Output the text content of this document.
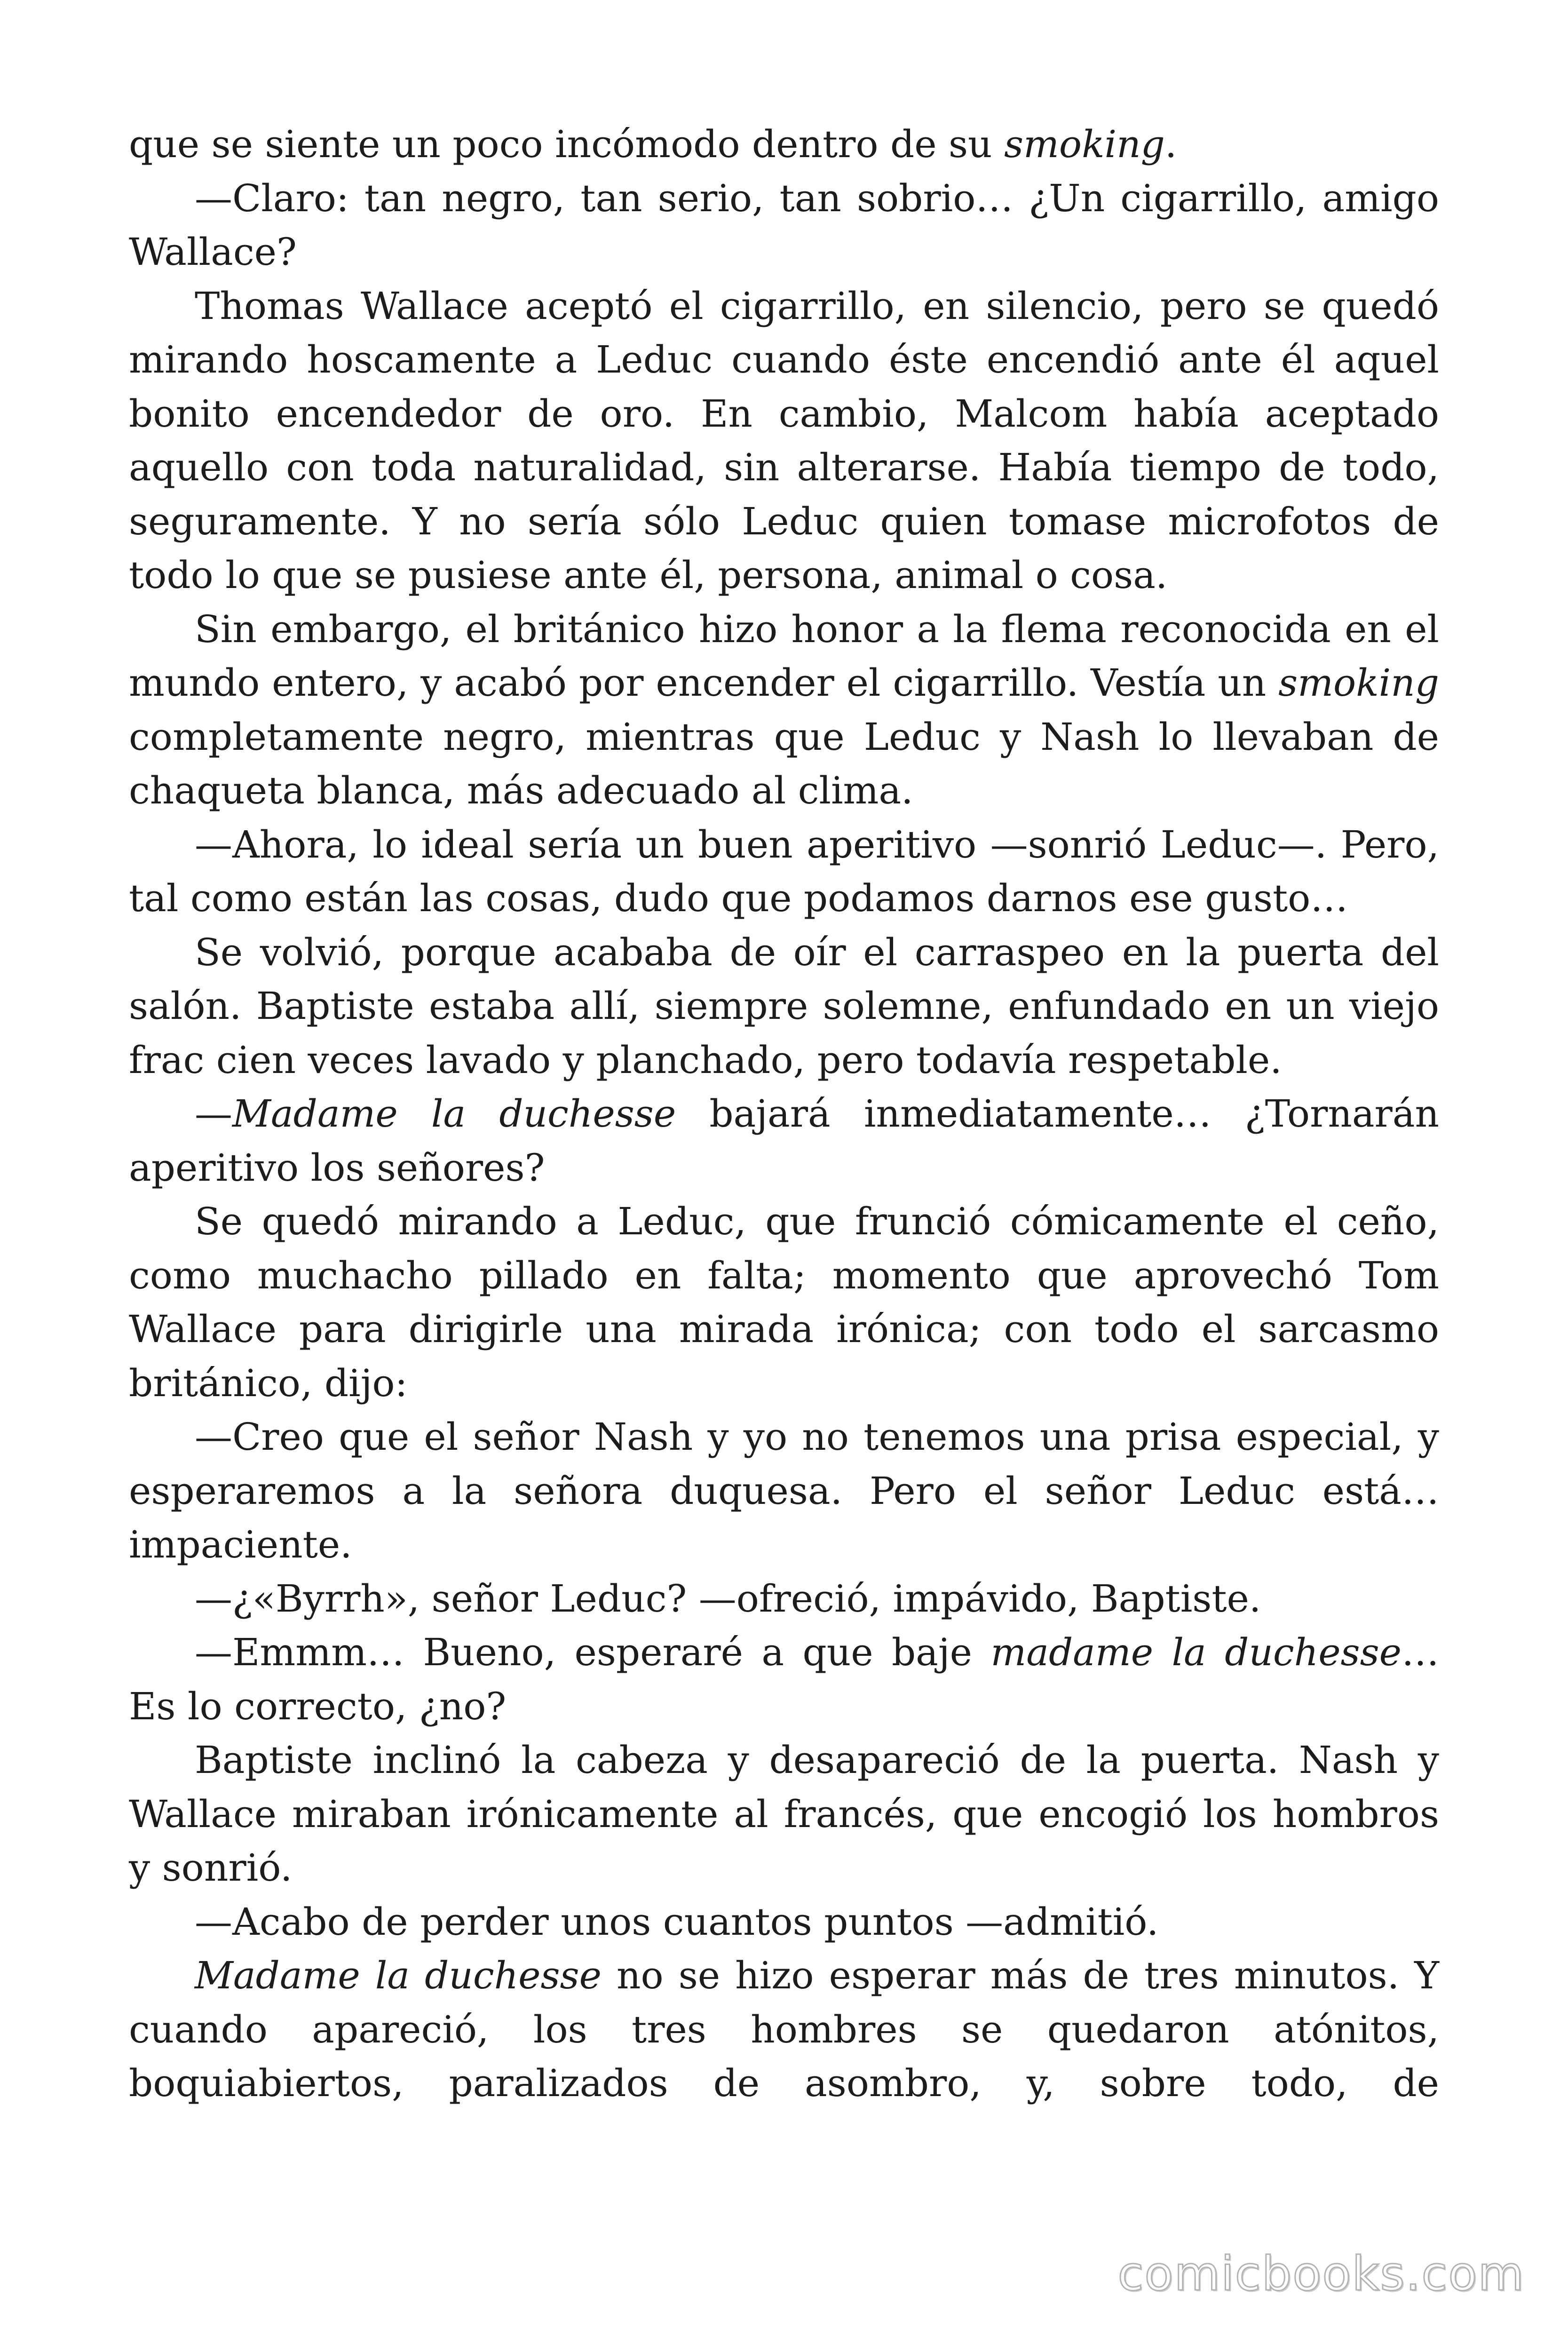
que se siente un poco incómodo dentro de su smoking.

—Claro: tan negro, tan serio, tan sobrio… ¿Un cigarrillo, amigo Wallace?

Thomas Wallace aceptó el cigarrillo, en silencio, pero se quedó mirando hoscamente a Leduc cuando éste encendió ante él aquel bonito encendedor de oro. En cambio, Malcom había aceptado aquello con toda naturalidad, sin alterarse. Había tiempo de todo, seguramente. Y no sería sólo Leduc quien tomase microfotos de todo lo que se pusiese ante él, persona, animal o cosa.

Sin embargo, el británico hizo honor a la flema reconocida en el mundo entero, y acabó por encender el cigarrillo. Vestía un smoking completamente negro, mientras que Leduc y Nash lo llevaban de chaqueta blanca, más adecuado al clima.

—Ahora, lo ideal sería un buen aperitivo —sonrió Leduc—. Pero, tal como están las cosas, dudo que podamos darnos ese gusto…

Se volvió, porque acababa de oír el carraspeo en la puerta del salón. Baptiste estaba allí, siempre solemne, enfundado en un viejo frac cien veces lavado y planchado, pero todavía respetable.

—Madame la duchesse bajará inmediatamente… ¿Tornarán aperitivo los señores?

Se quedó mirando a Leduc, que frunció cómicamente el ceño, como muchacho pillado en falta; momento que aprovechó Tom Wallace para dirigirle una mirada irónica; con todo el sarcasmo británico, dijo:

—Creo que el señor Nash y yo no tenemos una prisa especial, y esperaremos a la señora duquesa. Pero el señor Leduc está… impaciente.

—¿«Byrrh», señor Leduc? —ofreció, impávido, Baptiste.

—Emmm… Bueno, esperaré a que baje madame la duchesse… Es lo correcto, ¿no?

Baptiste inclinó la cabeza y desapareció de la puerta. Nash y Wallace miraban irónicamente al francés, que encogió los hombros y sonrió.

—Acabo de perder unos cuantos puntos —admitió.

Madame la duchesse no se hizo esperar más de tres minutos. Y cuando apareció, los tres hombres se quedaron atónitos, boquiabiertos, paralizados de asombro, y, sobre todo, de

comicbooks.com
